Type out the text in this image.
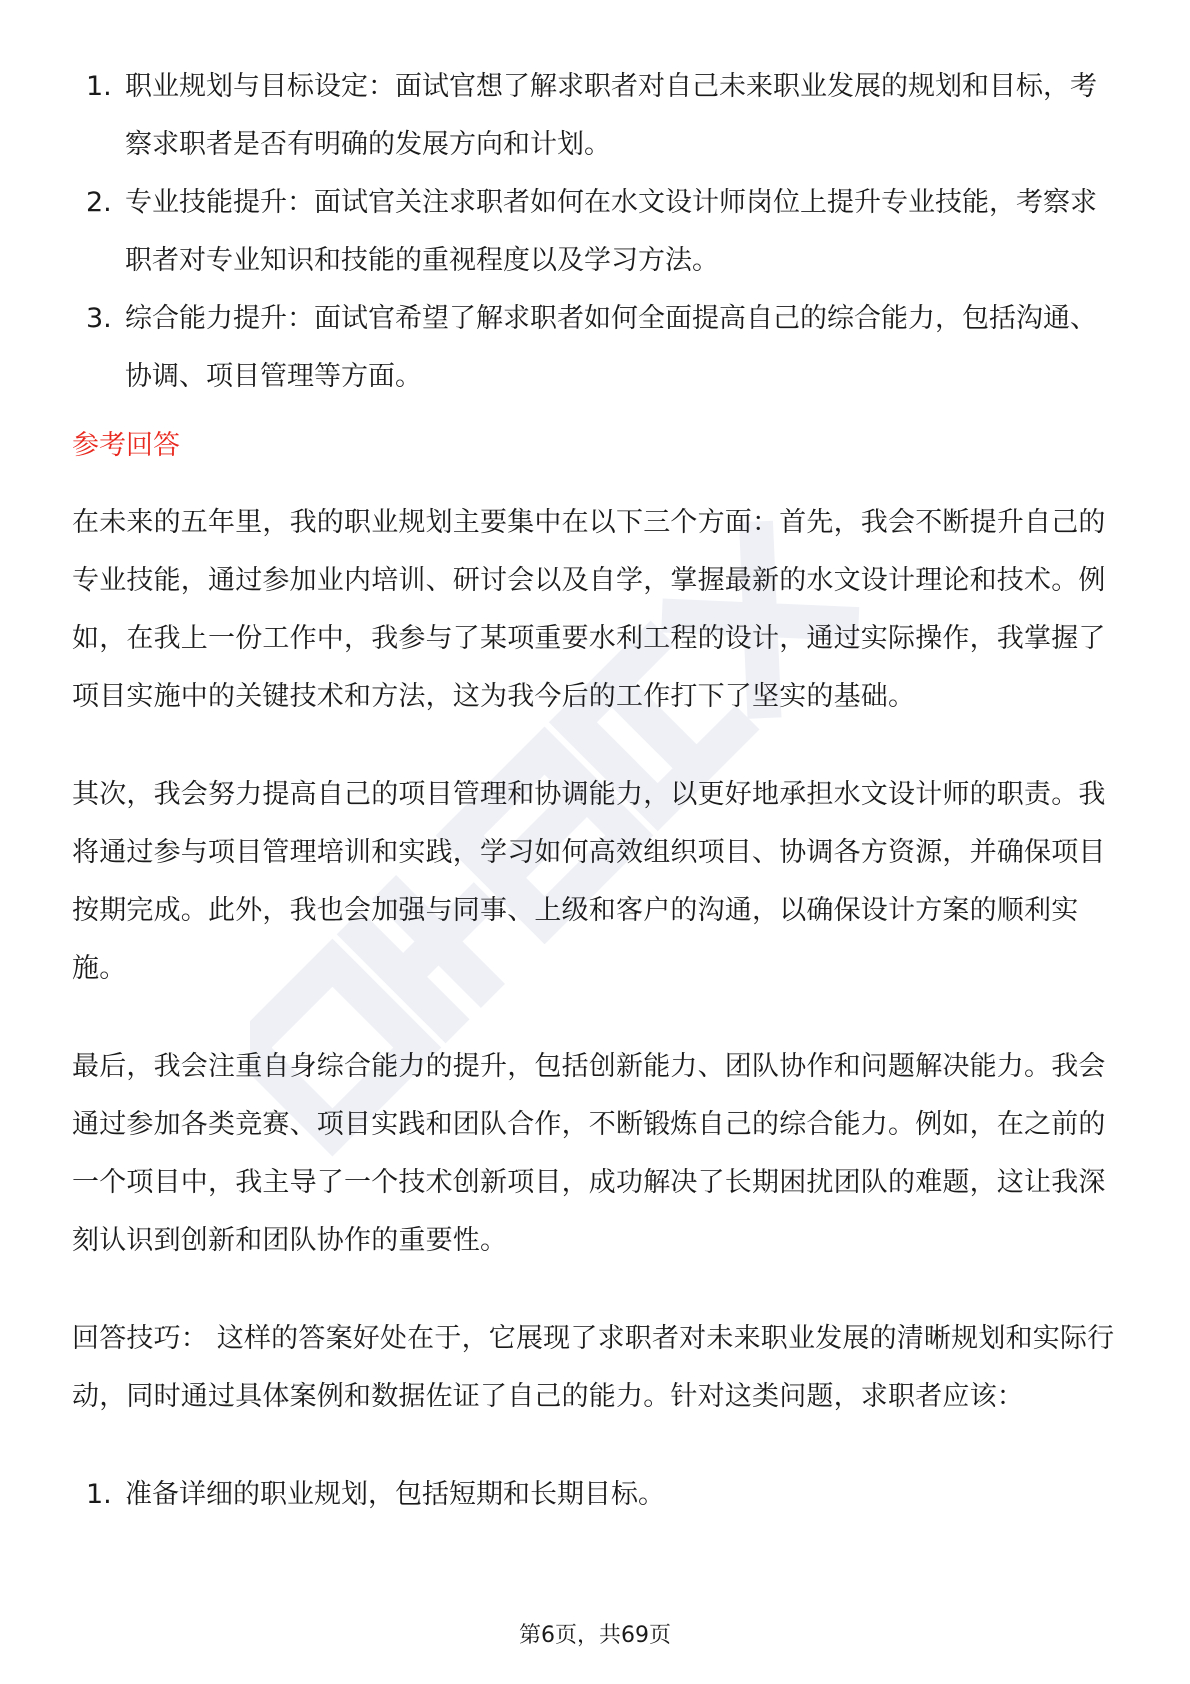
1. 职业规划与目标设定：面试官想了解求职者对自己未来职业发展的规划和目标，考察求职者是否有明确的发展方向和计划。
2. 专业技能提升：面试官关注求职者如何在水文设计师岗位上提升专业技能，考察求职者对专业知识和技能的重视程度以及学习方法。
3. 综合能力提升：面试官希望了解求职者如何全面提高自己的综合能力，包括沟通、协调、项目管理等方面。
参考回答

在未来的五年里，我的职业规划主要集中在以下三个方面：首先，我会不断提升自己的专业技能，通过参加业内培训、研讨会以及自学，掌握最新的水文设计理论和技术。例如，在我上一份工作中，我参与了某项重要水利工程的设计，通过实际操作，我掌握了项目实施中的关键技术和方法，这为我今后的工作打下了坚实的基础。

其次，我会努力提高自己的项目管理和协调能力，以更好地承担水文设计师的职责。我将通过参与项目管理培训和实践，学习如何高效组织项目、协调各方资源，并确保项目按期完成。此外，我也会加强与同事、上级和客户的沟通，以确保设计方案的顺利实施。

最后，我会注重自身综合能力的提升，包括创新能力、团队协作和问题解决能力。我会通过参加各类竞赛、项目实践和团队合作，不断锻炼自己的综合能力。例如，在之前的一个项目中，我主导了一个技术创新项目，成功解决了长期困扰团队的难题，这让我深刻认识到创新和团队协作的重要性。

回答技巧： 这样的答案好处在于，它展现了求职者对未来职业发展的清晰规划和实际行动，同时通过具体案例和数据佐证了自己的能力。针对这类问题，求职者应该：

1. 准备详细的职业规划，包括短期和长期目标。
第6页，共69页
